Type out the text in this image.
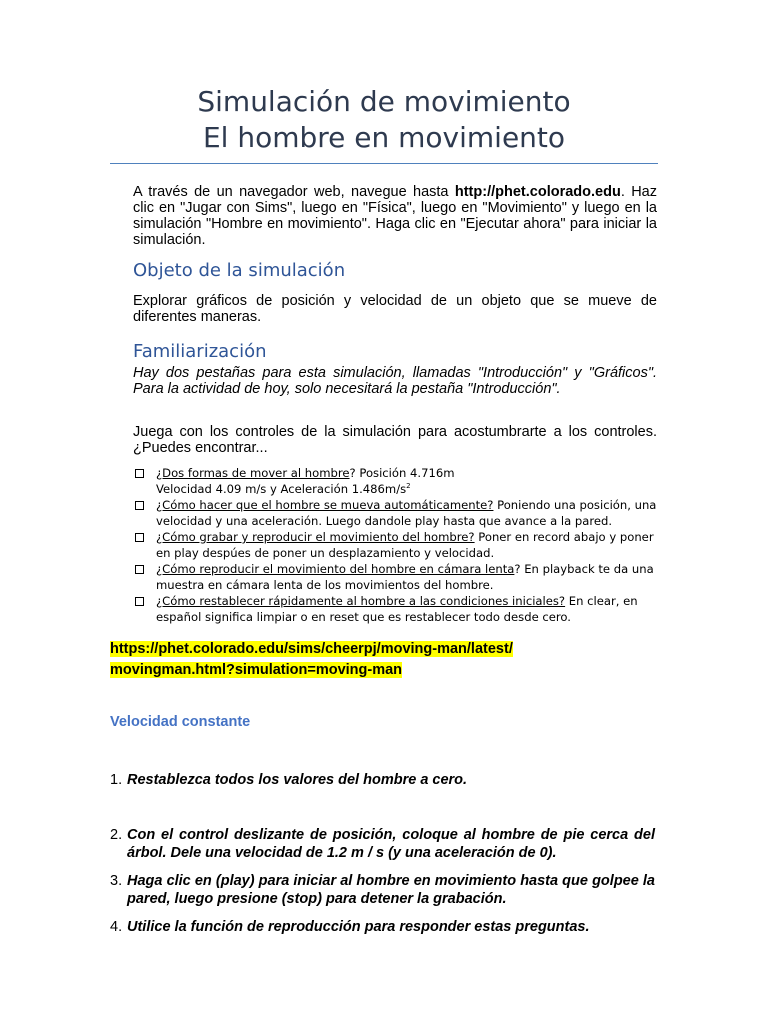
Simulación de movimiento
El hombre en movimiento
A través de un navegador web, navegue hasta http://phet.colorado.edu. Haz clic en "Jugar con Sims", luego en "Física", luego en "Movimiento" y luego en la simulación "Hombre en movimiento". Haga clic en "Ejecutar ahora" para iniciar la simulación.
Objeto de la simulación
Explorar gráficos de posición y velocidad de un objeto que se mueve de diferentes maneras.
Familiarización
Hay dos pestañas para esta simulación, llamadas "Introducción" y "Gráficos". Para la actividad de hoy, solo necesitará la pestaña "Introducción".
Juega con los controles de la simulación para acostumbrarte a los controles. ¿Puedes encontrar...
¿Dos formas de mover al hombre? Posición 4.716m
Velocidad 4.09 m/s y Aceleración $1.486m/s^2$
¿Cómo hacer que el hombre se mueva automáticamente? Poniendo una posición, una velocidad y una aceleración. Luego dandole play hasta que avance a la pared.
¿Cómo grabar y reproducir el movimiento del hombre? Poner en record abajo y poner en play despúes de poner un desplazamiento y velocidad.
¿Cómo reproducir el movimiento del hombre en cámara lenta? En playback te da una muestra en cámara lenta de los movimientos del hombre.
¿Cómo restablecer rápidamente al hombre a las condiciones iniciales? En clear, en español significa limpiar o en reset que es restablecer todo desde cero.
https://phet.colorado.edu/sims/cheerpj/moving-man/latest/
movingman.html?simulation=moving-man
Velocidad constante
1. Restablezca todos los valores del hombre a cero.
2. Con el control deslizante de posición, coloque al hombre de pie cerca del árbol. Dele una velocidad de 1.2 m / s (y una aceleración de 0).
3. Haga clic en (play) para iniciar al hombre en movimiento hasta que golpee la pared, luego presione (stop) para detener la grabación.
4. Utilice la función de reproducción para responder estas preguntas.
